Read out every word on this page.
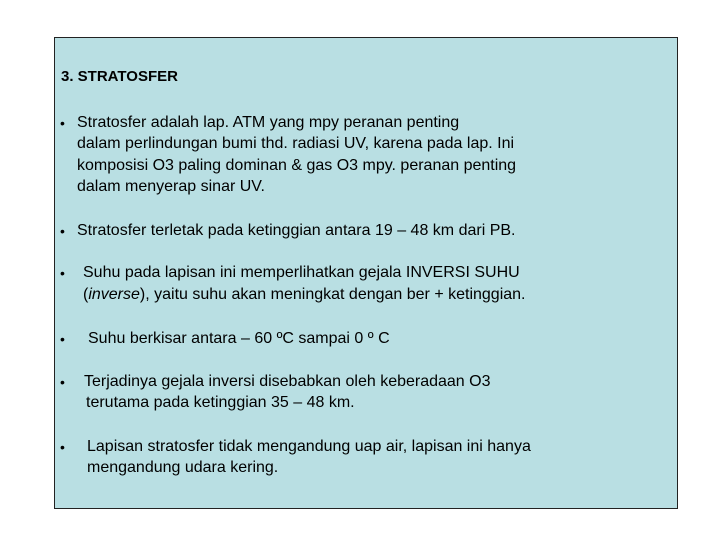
3. STRATOSFER
• Stratosfer adalah lap. ATM yang mpy peranan penting
dalam perlindungan bumi thd. radiasi UV, karena pada lap. Ini
komposisi O3 paling dominan & gas O3 mpy. peranan penting
dalam menyerap sinar UV.
• Stratosfer terletak pada ketinggian antara 19 – 48 km dari PB.
• Suhu pada lapisan ini memperlihatkan gejala INVERSI SUHU
(inverse), yaitu suhu akan meningkat dengan ber + ketinggian.
• Suhu berkisar antara – 60 ºC sampai 0 º C
• Terjadinya gejala inversi disebabkan oleh keberadaan O3
terutama pada ketinggian 35 – 48 km.
• Lapisan stratosfer tidak mengandung uap air, lapisan ini hanya
mengandung udara kering.
